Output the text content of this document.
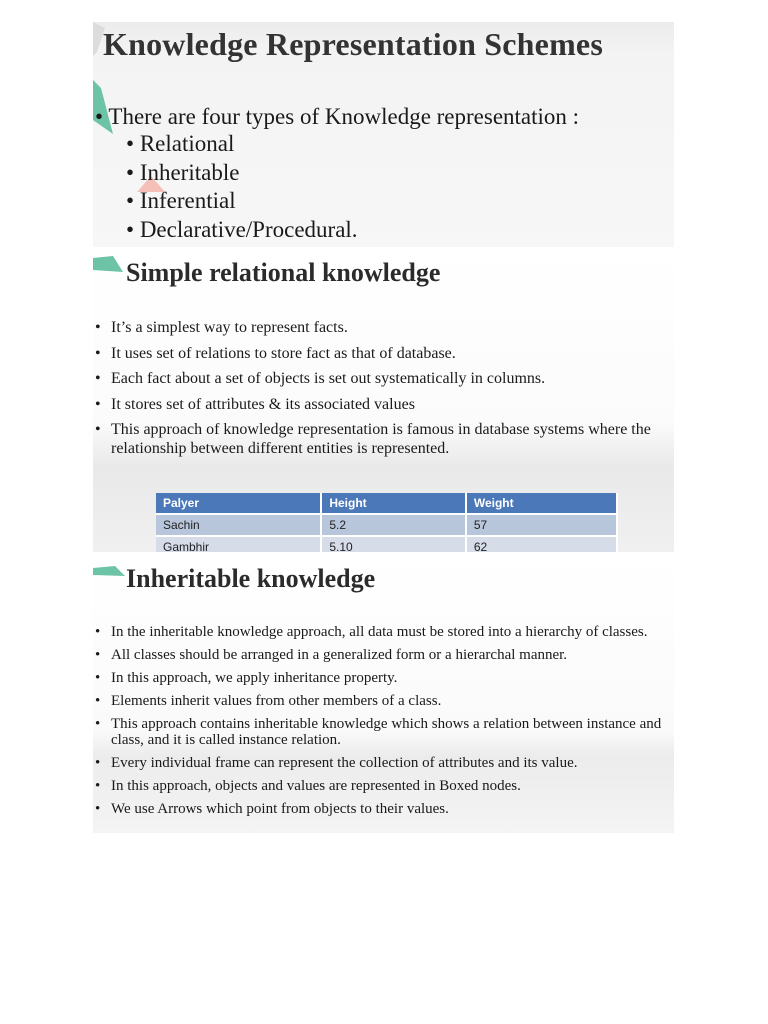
Knowledge Representation Schemes
• There are four types of Knowledge representation :
• Relational
• Inheritable
• Inferential
• Declarative/Procedural.
Simple relational knowledge
• It’s a simplest way to represent facts.
• It uses set of relations to store fact as that of database.
• Each fact about a set of objects is set out systematically in columns.
• It stores set of attributes & its associated values
• This approach of knowledge representation is famous in database systems where the relationship between different entities is represented.
Palyer	Height	Weight
Sachin	5.2	57
Gambhir	5.10	62
Inheritable knowledge
• In the inheritable knowledge approach, all data must be stored into a hierarchy of classes.
• All classes should be arranged in a generalized form or a hierarchal manner.
• In this approach, we apply inheritance property.
• Elements inherit values from other members of a class.
• This approach contains inheritable knowledge which shows a relation between instance and class, and it is called instance relation.
• Every individual frame can represent the collection of attributes and its value.
• In this approach, objects and values are represented in Boxed nodes.
• We use Arrows which point from objects to their values.
